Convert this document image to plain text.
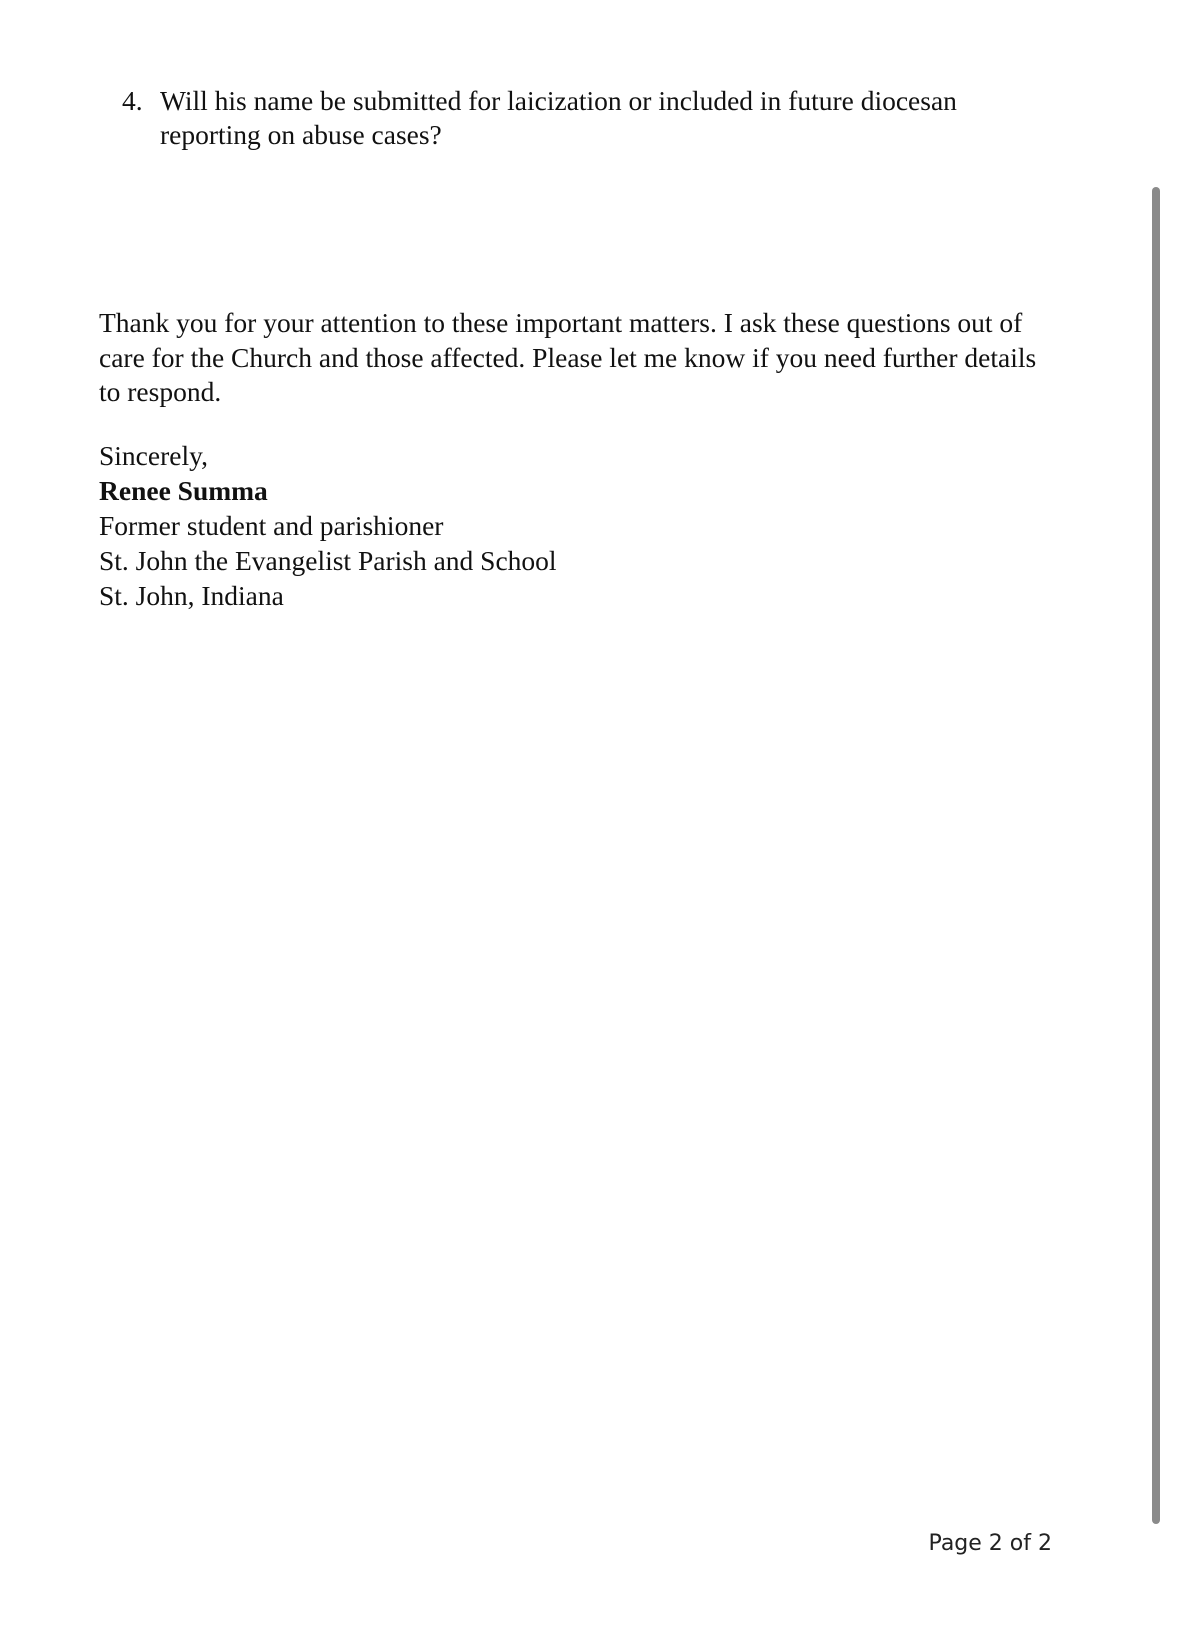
4. Will his name be submitted for laicization or included in future diocesan reporting on abuse cases?

Thank you for your attention to these important matters. I ask these questions out of care for the Church and those affected. Please let me know if you need further details to respond.

Sincerely,
Renee Summa
Former student and parishioner
St. John the Evangelist Parish and School
St. John, Indiana
Page 2 of 2
